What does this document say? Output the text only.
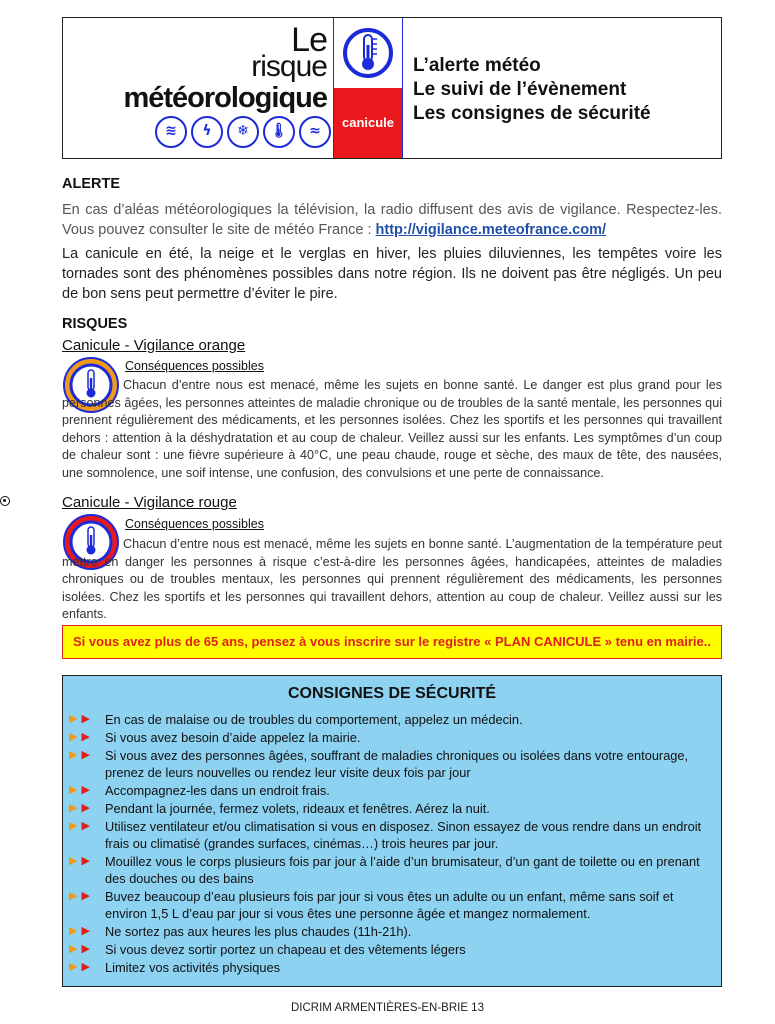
Le
risque
météorologique
≋	ϟ	❄	🌡︎	≈
canicule
L’alerte météo
Le suivi de l’évènement
Les consignes de sécurité
ALERTE
En cas d’aléas météorologiques la télévision, la radio diffusent des avis de vigilance. Respectez-les. Vous pouvez consulter le site de météo France : http://vigilance.meteofrance.com/
La canicule en été, la neige et le verglas en hiver, les pluies diluviennes, les tempêtes voire les tornades sont des phénomènes possibles dans notre région. Ils ne doivent pas être négligés. Un peu de bon sens peut permettre d’éviter le pire.
RISQUES
Canicule - Vigilance orange
Conséquences possibles
Chacun d’entre nous est menacé, même les sujets en bonne santé. Le danger est plus grand pour les personnes âgées, les personnes atteintes de maladie chronique ou de troubles de la santé mentale, les personnes qui prennent régulièrement des médicaments, et les personnes isolées. Chez les sportifs et les personnes qui travaillent dehors : attention à la déshydratation et au coup de chaleur. Veillez aussi sur les enfants. Les symptômes d’un coup de chaleur sont : une fièvre supérieure à 40°C, une peau chaude, rouge et sèche, des maux de tête, des nausées, une somnolence, une soif intense, une confusion, des convulsions et une perte de connaissance.
Canicule - Vigilance rouge
Conséquences possibles
Chacun d’entre nous est menacé, même les sujets en bonne santé. L’augmentation de la température peut mettre en danger les personnes à risque c’est-à-dire les personnes âgées, handicapées, atteintes de maladies chroniques ou de troubles mentaux, les personnes qui prennent régulièrement des médicaments, les personnes isolées. Chez les sportifs et les personnes qui travaillent dehors, attention au coup de chaleur. Veillez aussi sur les enfants.
Si vous avez plus de 65 ans, pensez à vous inscrire sur le registre « PLAN CANICULE » tenu en mairie..
CONSIGNES DE SÉCURITÉ
▶ ▶ En cas de malaise ou de troubles du comportement, appelez un médecin.
▶ ▶ Si vous avez besoin d’aide appelez la mairie.
▶ ▶ Si vous avez des personnes âgées, souffrant de maladies chroniques ou isolées dans votre entourage, prenez de leurs nouvelles ou rendez leur visite deux fois par jour
▶ ▶ Accompagnez-les dans un endroit frais.
▶ ▶ Pendant la journée, fermez volets, rideaux et fenêtres. Aérez la nuit.
▶ ▶ Utilisez ventilateur et/ou climatisation si vous en disposez. Sinon essayez de vous rendre dans un endroit frais ou climatisé (grandes surfaces, cinémas…) trois heures par jour.
▶ ▶ Mouillez vous le corps plusieurs fois par jour à l’aide d’un brumisateur, d’un gant de toilette ou en prenant des douches ou des bains
▶ ▶ Buvez beaucoup d’eau plusieurs fois par jour si vous êtes un adulte ou un enfant, même sans soif et environ 1,5 L d’eau par jour si vous êtes une personne âgée et mangez normalement.
▶ ▶ Ne sortez pas aux heures les plus chaudes (11h-21h).
▶ ▶ Si vous devez sortir portez un chapeau et des vêtements légers
▶ ▶ Limitez vos activités physiques
DICRIM ARMENTIÈRES-EN-BRIE 13
